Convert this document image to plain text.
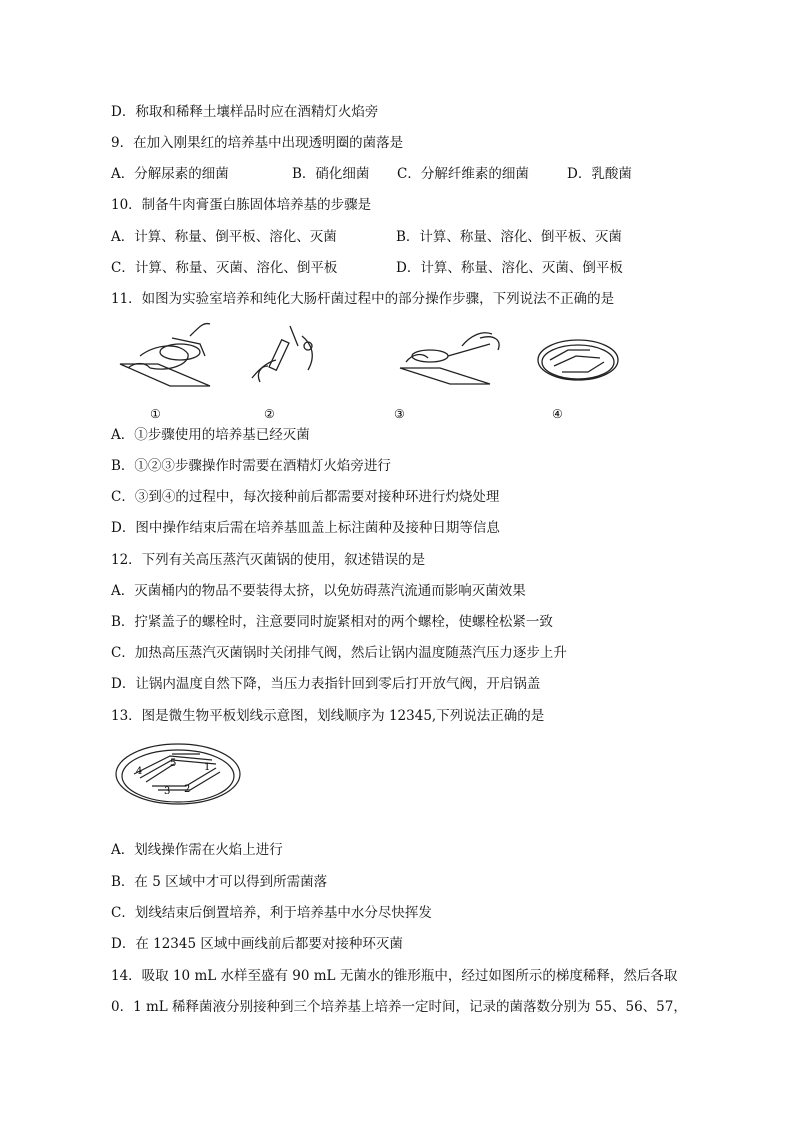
D．称取和稀释土壤样品时应在酒精灯火焰旁
9．在加入刚果红的培养基中出现透明圈的菌落是
A．分解尿素的细菌	B．硝化细菌 C．分解纤维素的细菌	D．乳酸菌
10．制备牛肉膏蛋白胨固体培养基的步骤是
A．计算、称量、倒平板、溶化、灭菌	B．计算、称量、溶化、倒平板、灭菌
C．计算、称量、灭菌、溶化、倒平板	D．计算、称量、溶化、灭菌、倒平板
11．如图为实验室培养和纯化大肠杆菌过程中的部分操作步骤，下列说法不正确的是
①	②	③	④
A．①步骤使用的培养基已经灭菌
B．①②③步骤操作时需要在酒精灯火焰旁进行
C．③到④的过程中，每次接种前后都需要对接种环进行灼烧处理
D．图中操作结束后需在培养基皿盖上标注菌种及接种日期等信息
12．下列有关高压蒸汽灭菌锅的使用，叙述错误的是
A．灭菌桶内的物品不要装得太挤，以免妨碍蒸汽流通而影响灭菌效果
B．拧紧盖子的螺栓时，注意要同时旋紧相对的两个螺栓，使螺栓松紧一致
C．加热高压蒸汽灭菌锅时关闭排气阀，然后让锅内温度随蒸汽压力逐步上升
D．让锅内温度自然下降，当压力表指针回到零后打开放气阀，开启锅盖
13．图是微生物平板划线示意图，划线顺序为 12345,下列说法正确的是
1
2
3
4
5
A．划线操作需在火焰上进行
B．在 5 区域中才可以得到所需菌落
C．划线结束后倒置培养，利于培养基中水分尽快挥发
D．在 12345 区域中画线前后都要对接种环灭菌
14．吸取 10 mL 水样至盛有 90 mL 无菌水的锥形瓶中，经过如图所示的梯度稀释，然后各取
0．1 mL 稀释菌液分别接种到三个培养基上培养一定时间，记录的菌落数分别为 55、56、57，
